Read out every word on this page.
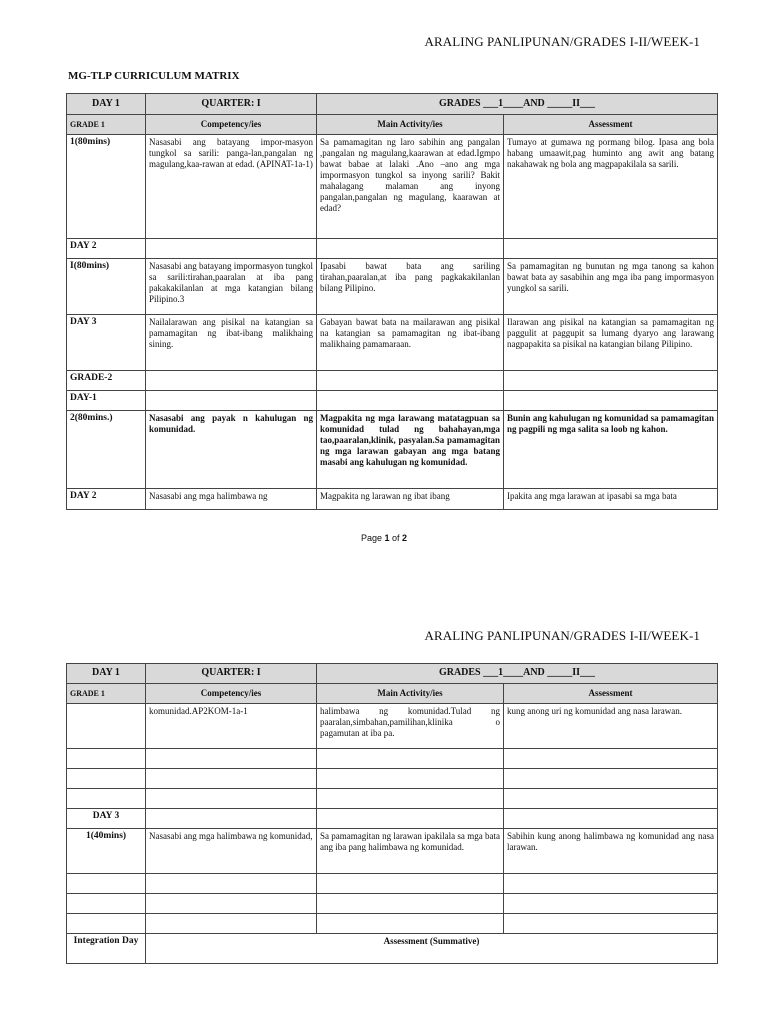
ARALING PANLIPUNAN/GRADES I-II/WEEK-1
MG-TLP CURRICULUM MATRIX
DAY 1	QUARTER: I	GRADES ___1____AND _____II___	
GRADE 1	Competency/ies	Main Activity/ies	Assessment
1(80mins)	Nasasabi ang batayang impor-masyon tungkol sa sarili: panga-lan,pangalan ng magulang,kaa-rawan at edad. (APINAT-1a-1)	Sa pamamagitan ng laro sabihin ang pangalan ,pangalan ng magulang,kaarawan at edad.Igmpo bawat babae at lalaki .Ano –ano ang mga impormasyon tungkol sa inyong sarili? Bakit mahalagang malaman ang inyong pangalan,pangalan ng magulang, kaarawan at edad?	Tumayo at gumawa ng pormang bilog. Ipasa ang bola habang umaawit,pag huminto ang awit ang batang nakahawak ng bola ang magpapakilala sa sarili.
DAY 2			
I(80mins)	Nasasabi ang batayang impormasyon tungkol sa sarili:tirahan,paaralan at iba pang pakakakilanlan at mga katangian bilang Pilipino.3	Ipasabi bawat bata ang sariling tirahan,paaralan,at iba pang pagkakakilanlan bilang Pilipino.	Sa pamamagitan ng bunutan ng mga tanong sa kahon bawat bata ay sasabihin ang mga iba pang impormasyon yungkol sa sarili.
DAY 3	Nailalarawan ang pisikal na katangian sa pamamagitan ng ibat-ibang malikhaing sining.	Gabayan bawat bata na mailarawan ang pisikal na katangian sa pamamagitan ng ibat-ibang malikhaing pamamaraan.	Ilarawan ang pisikal na katangian sa pamamagitan ng paggulit at paggupit sa lumang dyaryo ang larawang nagpapakita sa pisikal na katangian bilang Pilipino.
GRADE-2			
DAY-1			
2(80mins.)	Nasasabi ang payak n kahulugan ng komunidad.	Magpakita ng mga larawang matatagpuan sa komunidad tulad ng bahahayan,mga tao,paaralan,klinik, pasyalan.Sa pamamagitan ng mga larawan gabayan ang mga batang masabi ang kahulugan ng komunidad.	Bunin ang kahulugan ng komunidad sa pamamagitan ng pagpili ng mga salita sa loob ng kahon.
DAY 2	Nasasabi ang mga halimbawa ng	Magpakita ng larawan ng ibat ibang	Ipakita ang mga larawan at ipasabi sa mga bata
Page 1 of 2
ARALING PANLIPUNAN/GRADES I-II/WEEK-1
DAY 1	QUARTER: I	GRADES ___1____AND _____II___	
GRADE 1	Competency/ies	Main Activity/ies	Assessment
	komunidad.AP2KOM-1a-1	halimbawa ng komunidad.Tulad ng paaralan,simbahan,pamilihan,klinika o pagamutan at iba pa.	kung anong uri ng komunidad ang nasa larawan.

DAY 3			
1(40mins)	Nasasabi ang mga halimbawa ng komunidad,	Sa pamamagitan ng larawan ipakilala sa mga bata ang iba pang halimbawa ng komunidad.	Sabihin kung anong halimbawa ng komunidad ang nasa larawan.

Integration Day	Assessment (Summative)		
